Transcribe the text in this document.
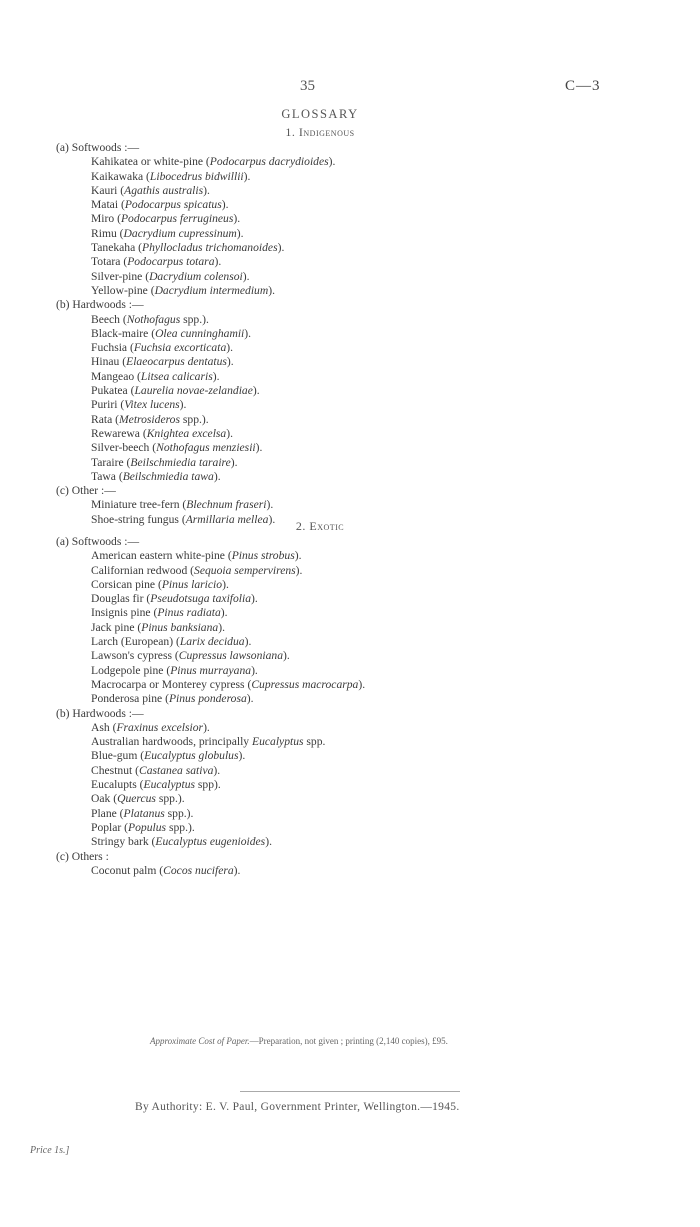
35	C—3
GLOSSARY
1. Indigenous
(a) Softwoods :—
Kahikatea or white-pine (Podocarpus dacrydioides).
Kaikawaka (Libocedrus bidwillii).
Kauri (Agathis australis).
Matai (Podocarpus spicatus).
Miro (Podocarpus ferrugineus).
Rimu (Dacrydium cupressinum).
Tanekaha (Phyllocladus trichomanoides).
Totara (Podocarpus totara).
Silver-pine (Dacrydium colensoi).
Yellow-pine (Dacrydium intermedium).
(b) Hardwoods :—
Beech (Nothofagus spp.).
Black-maire (Olea cunninghamii).
Fuchsia (Fuchsia excorticata).
Hinau (Elaeocarpus dentatus).
Mangeao (Litsea calicaris).
Pukatea (Laurelia novae-zelandiae).
Puriri (Vitex lucens).
Rata (Metrosideros spp.).
Rewarewa (Knightea excelsa).
Silver-beech (Nothofagus menziesii).
Taraire (Beilschmiedia taraire).
Tawa (Beilschmiedia tawa).
(c) Other :—
Miniature tree-fern (Blechnum fraseri).
Shoe-string fungus (Armillaria mellea).	2. Exotic
(a) Softwoods :—
American eastern white-pine (Pinus strobus).
Californian redwood (Sequoia sempervirens).
Corsican pine (Pinus laricio).
Douglas fir (Pseudotsuga taxifolia).
Insignis pine (Pinus radiata).
Jack pine (Pinus banksiana).
Larch (European) (Larix decidua).
Lawson's cypress (Cupressus lawsoniana).
Lodgepole pine (Pinus murrayana).
Macrocarpa or Monterey cypress (Cupressus macrocarpa).
Ponderosa pine (Pinus ponderosa).
(b) Hardwoods :—
Ash (Fraxinus excelsior).
Australian hardwoods, principally Eucalyptus spp.
Blue-gum (Eucalyptus globulus).
Chestnut (Castanea sativa).
Eucalupts (Eucalyptus spp).
Oak (Quercus spp.).
Plane (Platanus spp.).
Poplar (Populus spp.).
Stringy bark (Eucalyptus eugenioides).
(c) Others :
Coconut palm (Cocos nucifera).
Approximate Cost of Paper.—Preparation, not given ; printing (2,140 copies), £95.
By Authority: E. V. Paul, Government Printer, Wellington.—1945.
Price 1s.]
